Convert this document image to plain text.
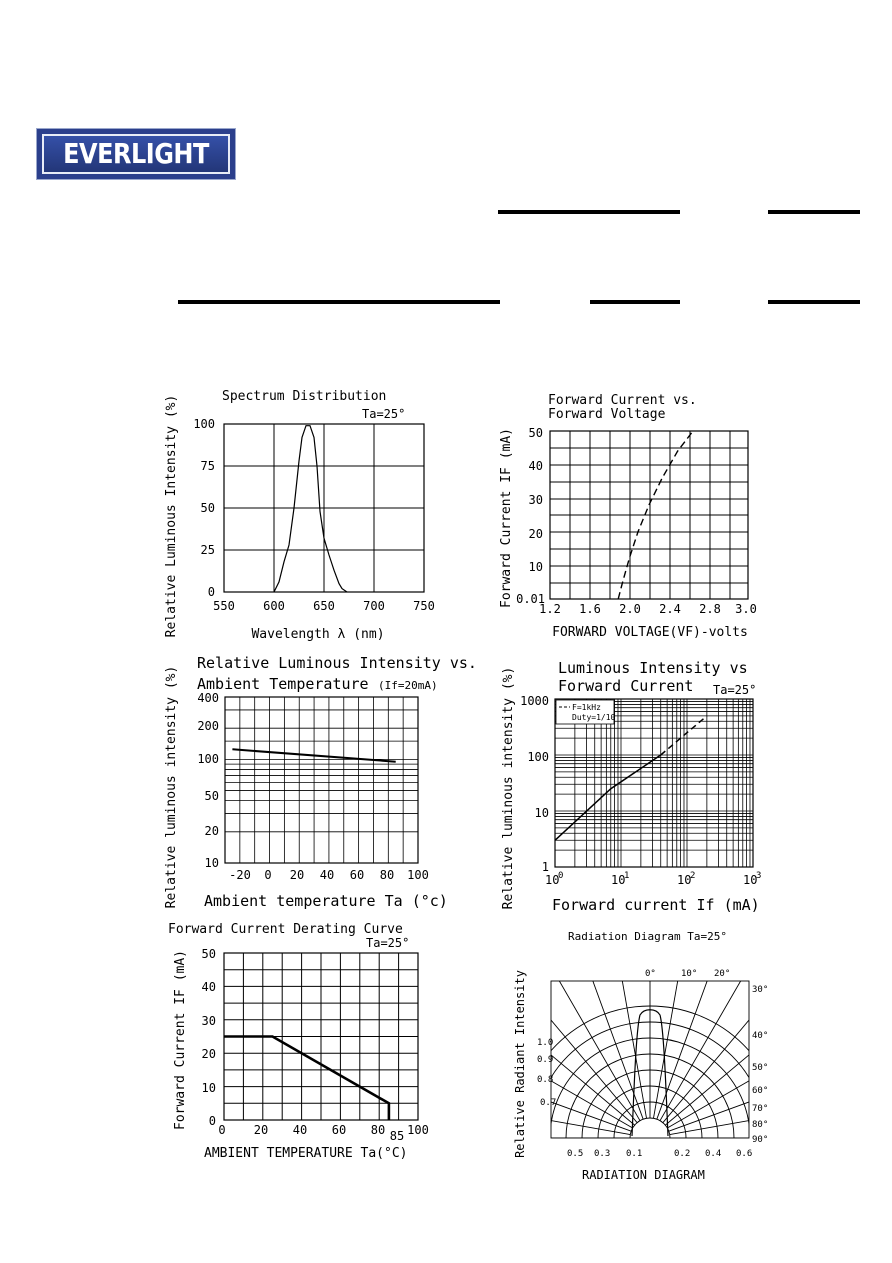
EVERLIGHT
Spectrum Distribution
Ta=25°
100
75
50
25
0
550 600 650 700 750
Wavelength λ (nm)
Relative Luminous Intensity (%)	Forward Current vs.
Forward Voltage
50
40
30
20
10
0.01
1.2 1.6 2.0 2.4 2.8 3.0
FORWARD VOLTAGE(VF)-volts
Forward Current IF (mA)
Relative Luminous Intensity vs.
Ambient Temperature (If=20mA)
400
200
100
50
20
10
-20 0 20 40 60 80 100
Ambient temperature Ta (°c)
Relative luminous intensity (%)	Luminous Intensity vs
Forward Current Ta=25°
F=1kHz
Duty=1/10
1000
100
10
1
10
0	10
1	10
2	10
3
Forward current If (mA)
Relative luminous intensity (%)
Forward Current Derating Curve
Ta=25°
50
40
30
20
10
0
0 20 40 60 80 100
85
AMBIENT TEMPERATURE Ta(°C)
Forward Current IF (mA)
Radiation Diagram Ta=25°
0°	10° 20°
30°
40°
50°
60°
70°
80°
90°
1.0
0.9
0.8
0.7
0.5 0.3 0.1	0.2 0.4 0.6
RADIATION DIAGRAM
Relative Radiant Intensity
